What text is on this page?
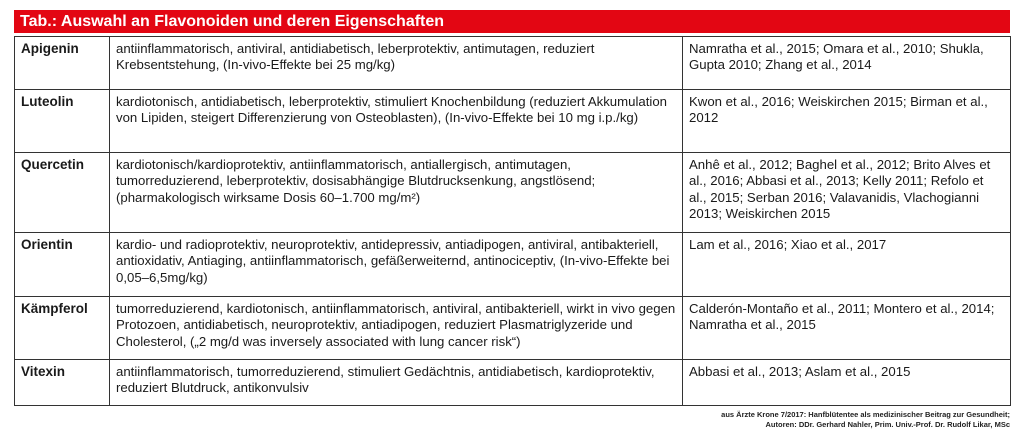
Tab.: Auswahl an Flavonoiden und deren Eigenschaften
Apigenin	antiinflammatorisch, antiviral, antidiabetisch, leberprotektiv, antimutagen, reduziert Krebsentstehung, (In-vivo-Effekte bei 25 mg/kg)	Namratha et al., 2015; Omara et al., 2010; Shukla, Gupta 2010; Zhang et al., 2014
Luteolin	kardiotonisch, antidiabetisch, leberprotektiv, stimuliert Knochenbildung (reduziert Akkumulation von Lipiden, steigert Differenzierung von Osteoblasten), (In-vivo-Effekte bei 10 mg i.p./kg)	Kwon et al., 2016; Weiskirchen 2015; Birman et al., 2012
Quercetin	kardiotonisch/kardioprotektiv, antiinflammatorisch, antiallergisch, antimutagen, tumorreduzierend, leberprotektiv, dosisabhängige Blutdrucksenkung, angstlösend; (pharmakologisch wirksame Dosis 60–1.700 mg/m²)	Anhê et al., 2012; Baghel et al., 2012; Brito Alves et al., 2016; Abbasi et al., 2013; Kelly 2011; Refolo et al., 2015; Serban 2016; Valavanidis, Vlachogianni 2013; Weiskirchen 2015
Orientin	kardio- und radioprotektiv, neuroprotektiv, antidepressiv, antiadipogen, antiviral, antibakteriell, antioxidativ, Antiaging, antiinflammatorisch, gefäßerweiternd, antinociceptiv, (In-vivo-Effekte bei 0,05–6,5mg/kg)	Lam et al., 2016; Xiao et al., 2017
Kämpferol	tumorreduzierend, kardiotonisch, antiinflammatorisch, antiviral, antibakteriell, wirkt in vivo gegen Protozoen, antidiabetisch, neuroprotektiv, antiadipogen, reduziert Plasmatriglyzeride und Cholesterol, („2 mg/d was inversely associated with lung cancer risk“)	Calderón-Montaño et al., 2011; Montero et al., 2014; Namratha et al., 2015
Vitexin	antiinflammatorisch, tumorreduzierend, stimuliert Gedächtnis, antidiabetisch, kardioprotektiv, reduziert Blutdruck, antikonvulsiv	Abbasi et al., 2013; Aslam et al., 2015
aus Ärzte Krone 7/2017: Hanfblütentee als medizinischer Beitrag zur Gesundheit;
Autoren: DDr. Gerhard Nahler, Prim. Univ.-Prof. Dr. Rudolf Likar, MSc
